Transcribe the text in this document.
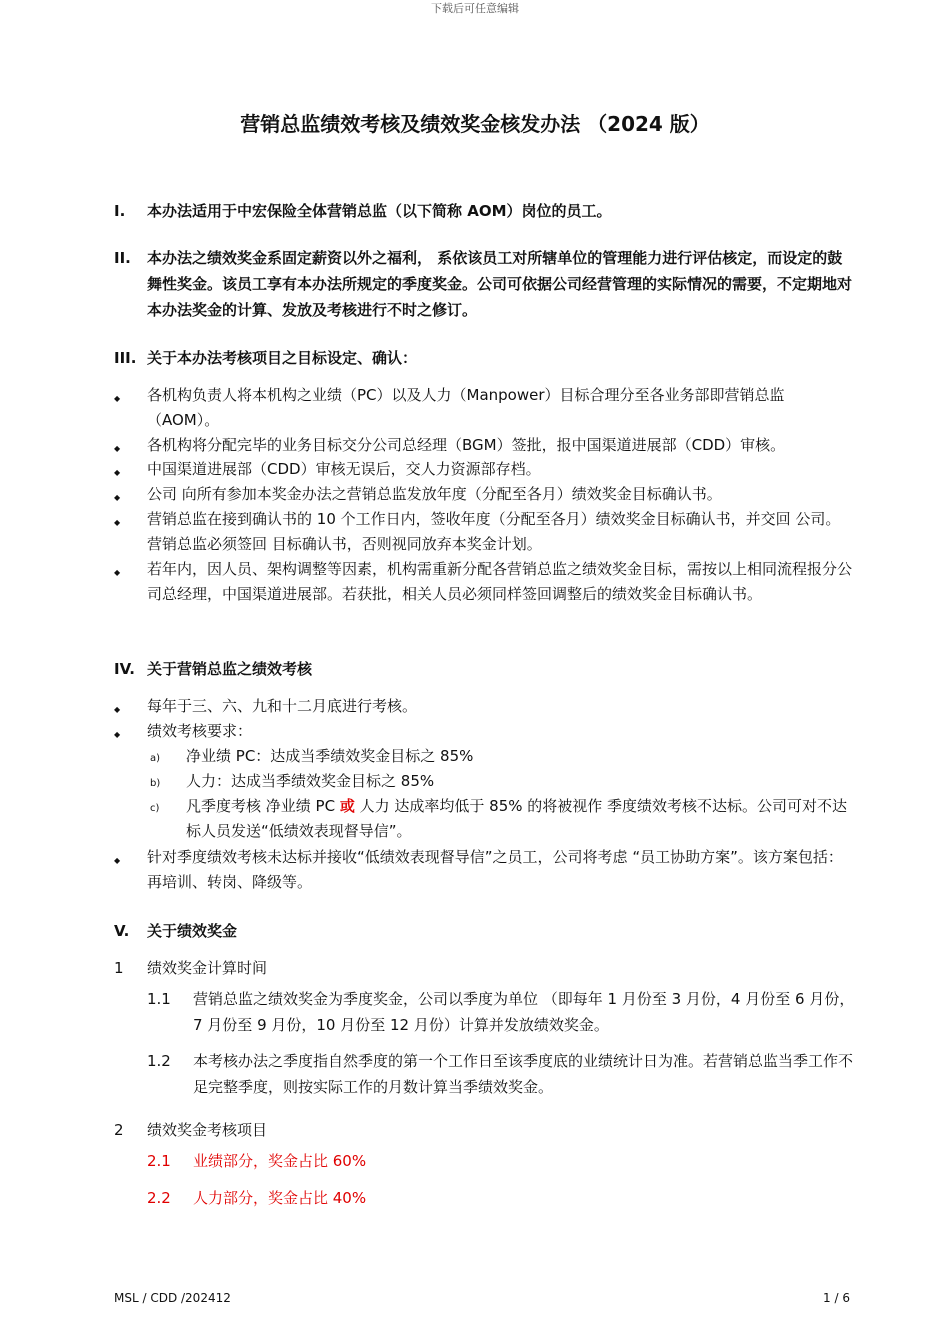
下载后可任意编辑
营销总监绩效考核及绩效奖金核发办法 （2024 版）
I. 本办法适用于中宏保险全体营销总监（以下简称 AOM）岗位的员工。
II. 本办法之绩效奖金系固定薪资以外之福利， 系依该员工对所辖单位的管理能力进行评估核定，而设定的鼓舞性奖金。该员工享有本办法所规定的季度奖金。公司可依据公司经营管理的实际情况的需要，不定期地对本办法奖金的计算、发放及考核进行不时之修订。
III. 关于本办法考核项目之目标设定、确认：
◆ 各机构负责人将本机构之业绩（PC）以及人力（Manpower）目标合理分至各业务部即营销总监（AOM）。
◆ 各机构将分配完毕的业务目标交分公司总经理（BGM）签批，报中国渠道进展部（CDD）审核。
◆ 中国渠道进展部（CDD）审核无误后，交人力资源部存档。
◆ 公司 向所有参加本奖金办法之营销总监发放年度（分配至各月）绩效奖金目标确认书。
◆ 营销总监在接到确认书的 10 个工作日内，签收年度（分配至各月）绩效奖金目标确认书，并交回 公司。营销总监必须签回 目标确认书，否则视同放弃本奖金计划。
◆ 若年内，因人员、架构调整等因素，机构需重新分配各营销总监之绩效奖金目标，需按以上相同流程报分公司总经理，中国渠道进展部。若获批，相关人员必须同样签回调整后的绩效奖金目标确认书。
IV. 关于营销总监之绩效考核
◆ 每年于三、六、九和十二月底进行考核。
◆ 绩效考核要求：
a) 净业绩 PC：达成当季绩效奖金目标之 85%
b) 人力：达成当季绩效奖金目标之 85%
c) 凡季度考核 净业绩 PC 或 人力 达成率均低于 85% 的将被视作 季度绩效考核不达标。公司可对不达标人员发送“低绩效表现督导信”。
◆ 针对季度绩效考核未达标并接收“低绩效表现督导信”之员工，公司将考虑 “员工协助方案”。该方案包括：再培训、转岗、降级等。
V. 关于绩效奖金
1 绩效奖金计算时间
1.1 营销总监之绩效奖金为季度奖金，公司以季度为单位 （即每年 1 月份至 3 月份，4 月份至 6 月份，7 月份至 9 月份，10 月份至 12 月份）计算并发放绩效奖金。
1.2 本考核办法之季度指自然季度的第一个工作日至该季度底的业绩统计日为准。若营销总监当季工作不足完整季度，则按实际工作的月数计算当季绩效奖金。
2 绩效奖金考核项目
2.1 业绩部分，奖金占比 60%
2.2 人力部分，奖金占比 40%
MSL / CDD /202412	1 / 6
